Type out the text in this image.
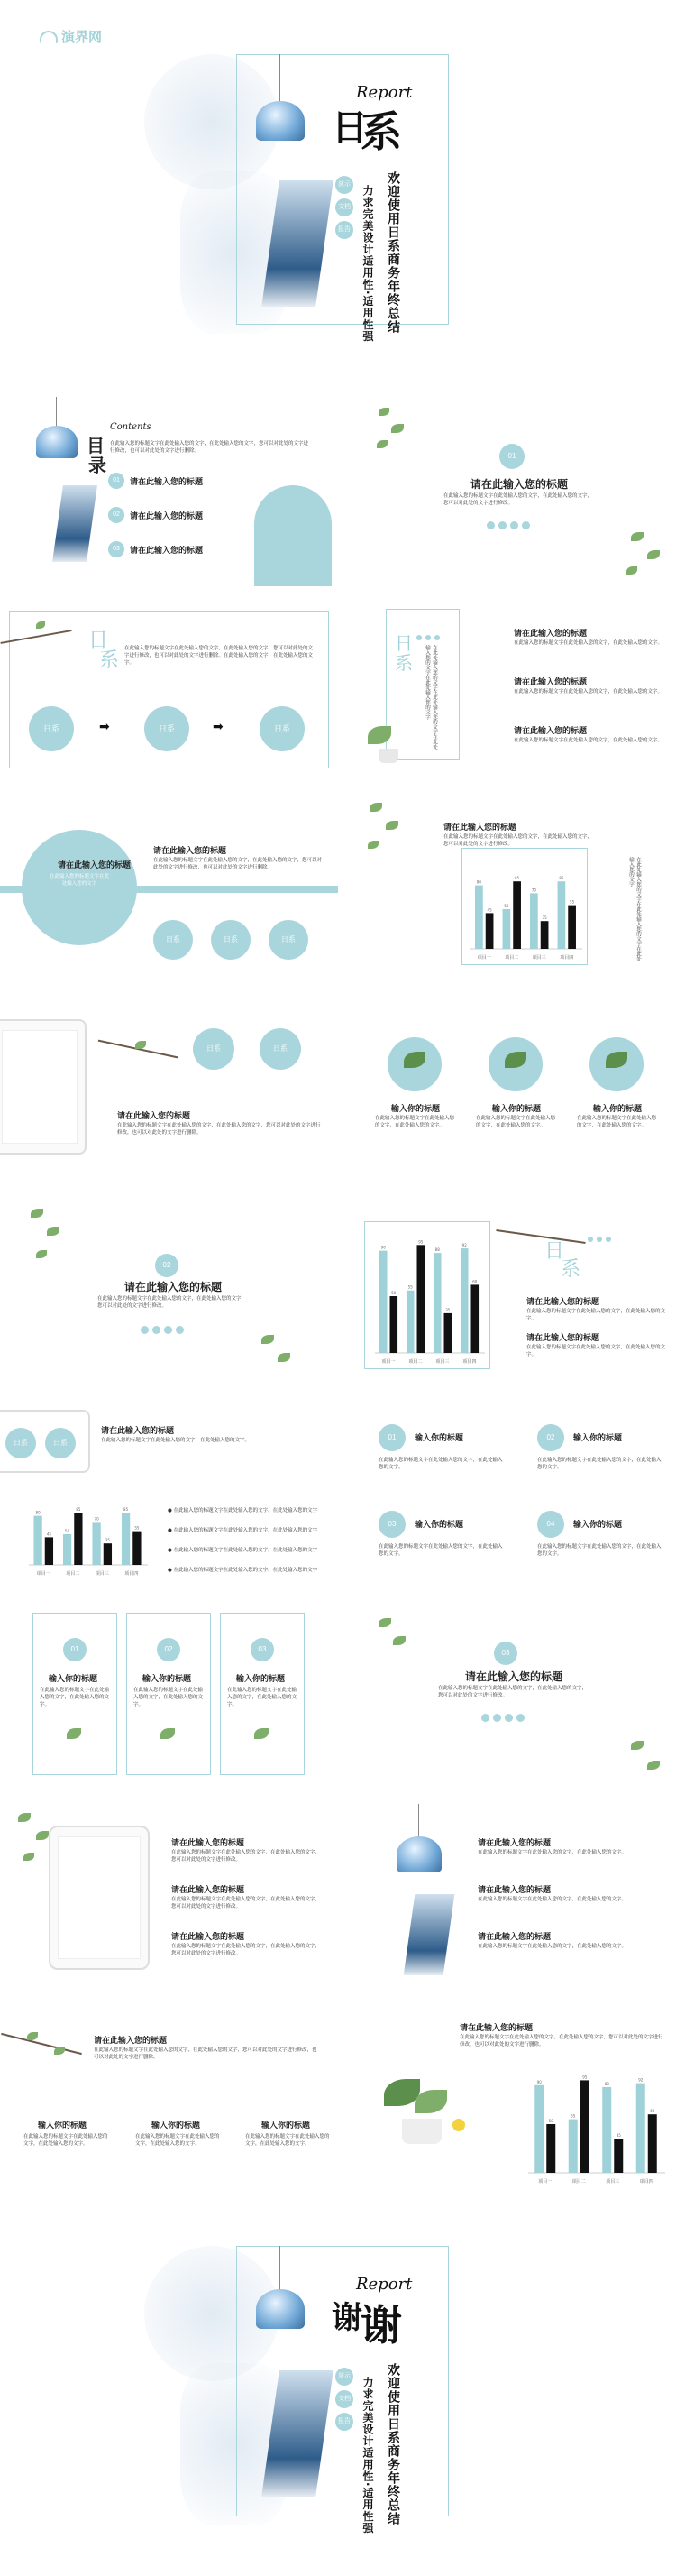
演界网
Report
日
系
欢迎使用日系商务年终总结
力求完美设计适用性·适用性强
演示
文档
报告
目
录
Contents
在此输入您的标题文字在此处输入您的文字，在此处输入您的文字，您可以对此处的文字进行修改，也可以对此处的文字进行删除。
01	请在此输入您的标题
02	请在此输入您的标题
03	请在此输入您的标题
01
请在此输入您的标题
在此输入您的标题文字在此处输入您的文字，在此处输入您的文字，您可以对此处的文字进行修改。
日
系
在此输入您的标题文字在此处输入您的文字，在此处输入您的文字，您可以对此处的文字进行修改，也可以对此处的文字进行删除。在此处输入您的文字，在此处输入您的文字。
日系	➡	日系	➡	日系
日
系	在此处输入您的文字在此处输入您的文字在此处输入您的文字在此处输入您的文字
请在此输入您的标题
在此输入您的标题文字在此处输入您的文字，在此处输入您的文字。
请在此输入您的标题
在此输入您的标题文字在此处输入您的文字，在此处输入您的文字。
请在此输入您的标题
在此输入您的标题文字在此处输入您的文字，在此处输入您的文字。
请在此输入您的标题
在此输入您的标题文字在此处输入您的文字
请在此输入您的标题
在此输入您的标题文字在此处输入您的文字，在此处输入您的文字，您可以对此处的文字进行修改，也可以对此处的文字进行删除。
日系	日系	日系
请在此输入您的标题
在此输入您的标题文字在此处输入您的文字，在此处输入您的文字，您可以对此处的文字进行修改。
80
45
项目一
50
85
项目二
70
35
项目三
85
55
项目四	在此处输入您的文字在此处输入您的文字在此处输入您的文字
日系	日系
请在此输入您的标题
在此输入您的标题文字在此处输入您的文字，在此处输入您的文字，您可以对此处的文字进行修改，也可以对此处的文字进行删除。
输入你的标题
在此输入您的标题文字在此处输入您的文字，在此处输入您的文字。
输入你的标题
在此输入您的标题文字在此处输入您的文字，在此处输入您的文字。
输入你的标题
在此输入您的标题文字在此处输入您的文字，在此处输入您的文字。
02
请在此输入您的标题
在此输入您的标题文字在此处输入您的文字，在此处输入您的文字，您可以对此处的文字进行修改。
90
50
项目一
55
95
项目二
88
35
项目三
92
60
项目四
日
系
请在此输入您的标题
在此输入您的标题文字在此处输入您的文字，在此处输入您的文字。
请在此输入您的标题
在此输入您的标题文字在此处输入您的文字，在此处输入您的文字。
日系	日系
请在此输入您的标题
在此输入您的标题文字在此处输入您的文字，在此处输入您的文字。
80
45
项目一
50
85
项目二
70
35
项目三
85
55
项目四
● 在此输入您的标题文字在此处输入您的文字，在此处输入您的文字
● 在此输入您的标题文字在此处输入您的文字，在此处输入您的文字
● 在此输入您的标题文字在此处输入您的文字，在此处输入您的文字
● 在此输入您的标题文字在此处输入您的文字，在此处输入您的文字
01	输入你的标题
在此输入您的标题文字在此处输入您的文字，在此处输入您的文字。
02	输入你的标题
在此输入您的标题文字在此处输入您的文字，在此处输入您的文字。
03	输入你的标题
在此输入您的标题文字在此处输入您的文字，在此处输入您的文字。
04	输入你的标题
在此输入您的标题文字在此处输入您的文字，在此处输入您的文字。
01
输入你的标题
在此输入您的标题文字在此处输入您的文字，在此处输入您的文字。
02
输入你的标题
在此输入您的标题文字在此处输入您的文字，在此处输入您的文字。
03
输入你的标题
在此输入您的标题文字在此处输入您的文字，在此处输入您的文字。
03
请在此输入您的标题
在此输入您的标题文字在此处输入您的文字，在此处输入您的文字，您可以对此处的文字进行修改。
请在此输入您的标题
在此输入您的标题文字在此处输入您的文字，在此处输入您的文字，您可以对此处的文字进行修改。
请在此输入您的标题
在此输入您的标题文字在此处输入您的文字，在此处输入您的文字，您可以对此处的文字进行修改。
请在此输入您的标题
在此输入您的标题文字在此处输入您的文字，在此处输入您的文字，您可以对此处的文字进行修改。
请在此输入您的标题
在此输入您的标题文字在此处输入您的文字，在此处输入您的文字。
请在此输入您的标题
在此输入您的标题文字在此处输入您的文字，在此处输入您的文字。
请在此输入您的标题
在此输入您的标题文字在此处输入您的文字，在此处输入您的文字。
请在此输入您的标题
在此输入您的标题文字在此处输入您的文字，在此处输入您的文字，您可以对此处的文字进行修改，也可以对此处的文字进行删除。
输入你的标题
在此输入您的标题文字在此处输入您的文字，在此处输入您的文字。
输入你的标题
在此输入您的标题文字在此处输入您的文字，在此处输入您的文字。
输入你的标题
在此输入您的标题文字在此处输入您的文字，在此处输入您的文字。
请在此输入您的标题
在此输入您的标题文字在此处输入您的文字，在此处输入您的文字，您可以对此处的文字进行修改，也可以对此处的文字进行删除。
90
50
项目一
55
95
项目二
88
35
项目三
92
60
项目四
Report
谢
谢
欢迎使用日系商务年终总结
力求完美设计适用性·适用性强
演示
文档
报告
